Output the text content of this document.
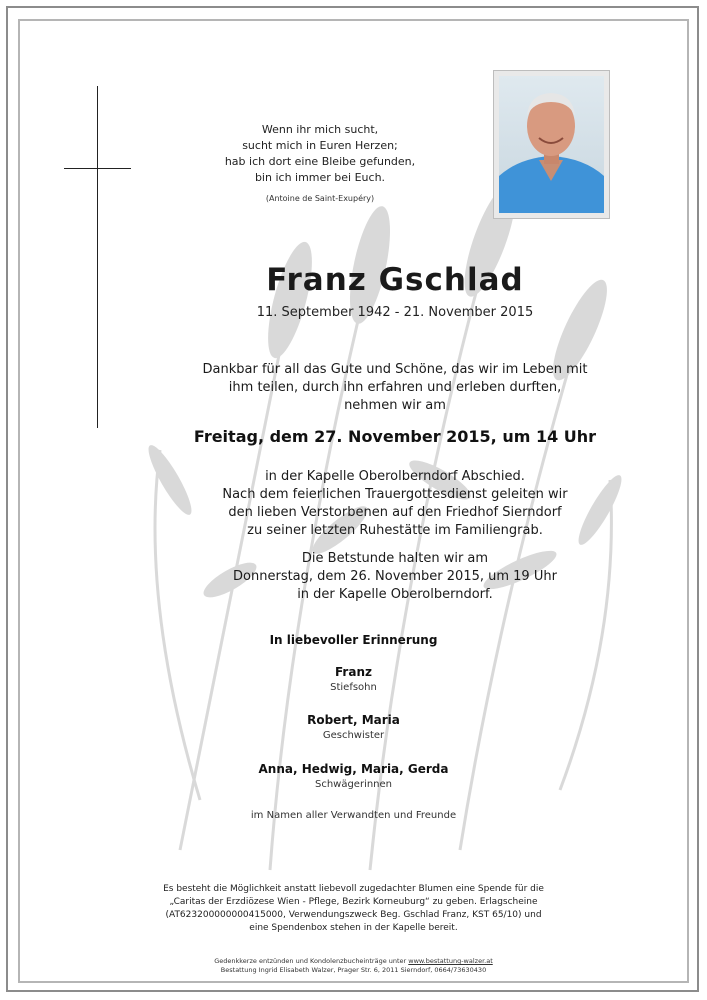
Wenn ihr mich sucht,
sucht mich in Euren Herzen;
hab ich dort eine Bleibe gefunden,
bin ich immer bei Euch.
(Antoine de Saint-Exupéry)
Franz Gschlad
11. September 1942 - 21. November 2015
Dankbar für all das Gute und Schöne, das wir im Leben mit
ihm teilen, durch ihn erfahren und erleben durften,
nehmen wir am
Freitag, dem 27. November 2015, um 14 Uhr
in der Kapelle Oberolberndorf Abschied.
Nach dem feierlichen Trauergottesdienst geleiten wir
den lieben Verstorbenen auf den Friedhof Sierndorf
zu seiner letzten Ruhestätte im Familiengrab.
Die Betstunde halten wir am
Donnerstag, dem 26. November 2015, um 19 Uhr
in der Kapelle Oberolberndorf.
In liebevoller Erinnerung
Franz
Stiefsohn
Robert, Maria
Geschwister
Anna, Hedwig, Maria, Gerda
Schwägerinnen
im Namen aller Verwandten und Freunde
Es besteht die Möglichkeit anstatt liebevoll zugedachter Blumen eine Spende für die
„Caritas der Erzdiözese Wien - Pflege, Bezirk Korneuburg“ zu geben. Erlagscheine
(AT623200000000415000, Verwendungszweck Beg. Gschlad Franz, KST 65/10) und
eine Spendenbox stehen in der Kapelle bereit.
Gedenkkerze entzünden und Kondolenzbucheinträge unter www.bestattung-walzer.at
Bestattung Ingrid Elisabeth Walzer, Prager Str. 6, 2011 Sierndorf, 0664/73630430
